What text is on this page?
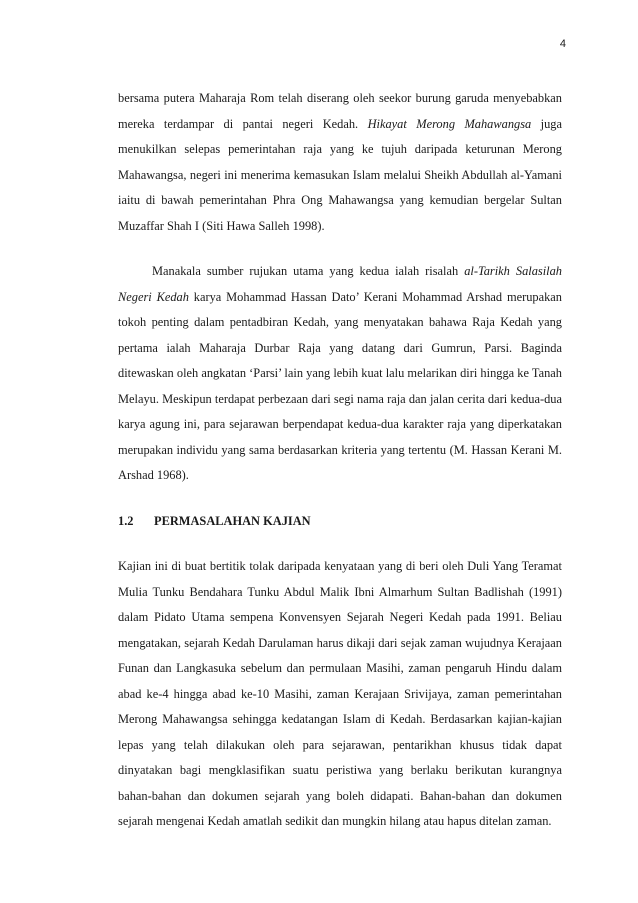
4

bersama putera Maharaja Rom telah diserang oleh seekor burung garuda menyebabkan mereka terdampar di pantai negeri Kedah. Hikayat Merong Mahawangsa juga menukilkan selepas pemerintahan raja yang ke tujuh daripada keturunan Merong Mahawangsa, negeri ini menerima kemasukan Islam melalui Sheikh Abdullah al-Yamani iaitu di bawah pemerintahan Phra Ong Mahawangsa yang kemudian bergelar Sultan Muzaffar Shah I (Siti Hawa Salleh 1998).

Manakala sumber rujukan utama yang kedua ialah risalah al-Tarikh Salasilah Negeri Kedah karya Mohammad Hassan Dato’ Kerani Mohammad Arshad merupakan tokoh penting dalam pentadbiran Kedah, yang menyatakan bahawa Raja Kedah yang pertama ialah Maharaja Durbar Raja yang datang dari Gumrun, Parsi. Baginda ditewaskan oleh angkatan ‘Parsi’ lain yang lebih kuat lalu melarikan diri hingga ke Tanah Melayu. Meskipun terdapat perbezaan dari segi nama raja dan jalan cerita dari kedua-dua karya agung ini, para sejarawan berpendapat kedua-dua karakter raja yang diperkatakan merupakan individu yang sama berdasarkan kriteria yang tertentu (M. Hassan Kerani M. Arshad 1968).

1.2	PERMASALAHAN KAJIAN

Kajian ini di buat bertitik tolak daripada kenyataan yang di beri oleh Duli Yang Teramat Mulia Tunku Bendahara Tunku Abdul Malik Ibni Almarhum Sultan Badlishah (1991) dalam Pidato Utama sempena Konvensyen Sejarah Negeri Kedah pada 1991. Beliau mengatakan, sejarah Kedah Darulaman harus dikaji dari sejak zaman wujudnya Kerajaan Funan dan Langkasuka sebelum dan permulaan Masihi, zaman pengaruh Hindu dalam abad ke-4 hingga abad ke-10 Masihi, zaman Kerajaan Srivijaya, zaman pemerintahan Merong Mahawangsa sehingga kedatangan Islam di Kedah. Berdasarkan kajian-kajian lepas yang telah dilakukan oleh para sejarawan, pentarikhan khusus tidak dapat dinyatakan bagi mengklasifikan suatu peristiwa yang berlaku berikutan kurangnya bahan-bahan dan dokumen sejarah yang boleh didapati. Bahan-bahan dan dokumen sejarah mengenai Kedah amatlah sedikit dan mungkin hilang atau hapus ditelan zaman.
